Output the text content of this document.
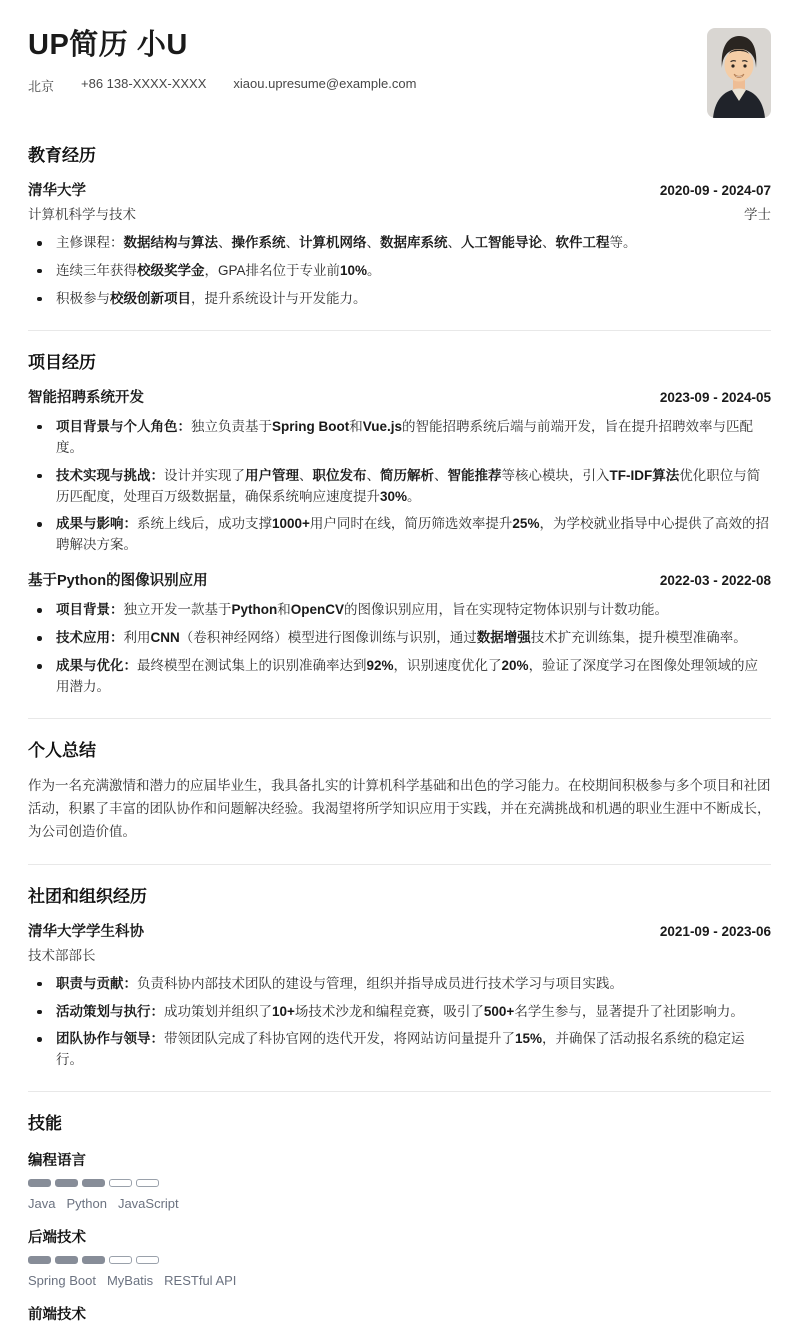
UP简历 小U
北京 +86 138-XXXX-XXXX xiaou.upresume@example.com
教育经历
清华大学	2020-09 - 2024-07
计算机科学与技术	学士
主修课程：数据结构与算法、操作系统、计算机网络、数据库系统、人工智能导论、软件工程等。
连续三年获得校级奖学金，GPA排名位于专业前10%。
积极参与校级创新项目，提升系统设计与开发能力。
项目经历
智能招聘系统开发	2023-09 - 2024-05
项目背景与个人角色：独立负责基于Spring Boot和Vue.js的智能招聘系统后端与前端开发，旨在提升招聘效率与匹配度。
技术实现与挑战：设计并实现了用户管理、职位发布、简历解析、智能推荐等核心模块，引入TF-IDF算法优化职位与简历匹配度，处理百万级数据量，确保系统响应速度提升30%。
成果与影响：系统上线后，成功支撑1000+用户同时在线，简历筛选效率提升25%，为学校就业指导中心提供了高效的招聘解决方案。
基于Python的图像识别应用	2022-03 - 2022-08
项目背景：独立开发一款基于Python和OpenCV的图像识别应用，旨在实现特定物体识别与计数功能。
技术应用：利用CNN（卷积神经网络）模型进行图像训练与识别，通过数据增强技术扩充训练集，提升模型准确率。
成果与优化：最终模型在测试集上的识别准确率达到92%，识别速度优化了20%，验证了深度学习在图像处理领域的应用潜力。
个人总结

作为一名充满激情和潜力的应届毕业生，我具备扎实的计算机科学基础和出色的学习能力。在校期间积极参与多个项目和社团活动，积累了丰富的团队协作和问题解决经验。我渴望将所学知识应用于实践，并在充满挑战和机遇的职业生涯中不断成长，为公司创造价值。

社团和组织经历
清华大学学生科协	2021-09 - 2023-06
技术部部长
职责与贡献：负责科协内部技术团队的建设与管理，组织并指导成员进行技术学习与项目实践。
活动策划与执行：成功策划并组织了10+场技术沙龙和编程竞赛，吸引了500+名学生参与，显著提升了社团影响力。
团队协作与领导：带领团队完成了科协官网的迭代开发，将网站访问量提升了15%，并确保了活动报名系统的稳定运行。
技能
编程语言
Java Python JavaScript
后端技术
Spring Boot MyBatis RESTful API
前端技术
